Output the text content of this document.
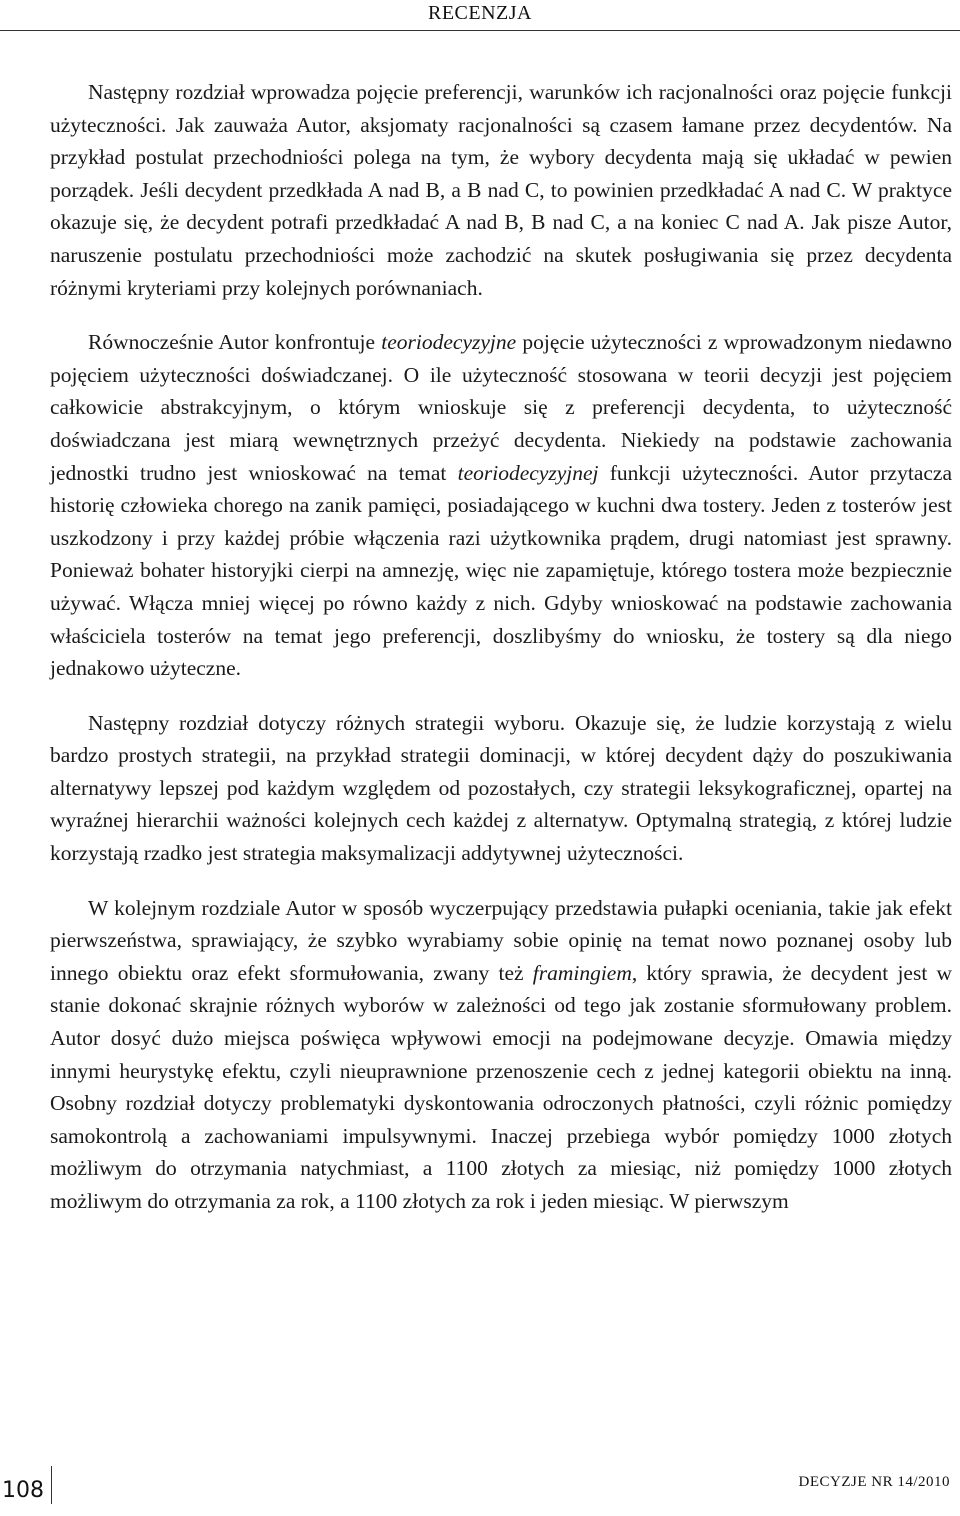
RECENZJA

Następny rozdział wprowadza pojęcie preferencji, warunków ich racjonalności oraz pojęcie funkcji użyteczności. Jak zauważa Autor, aksjomaty racjonalności są czasem łamane przez decydentów. Na przykład postulat przechodniości polega na tym, że wybory decydenta mają się układać w pewien porządek. Jeśli decydent przedkłada A nad B, a B nad C, to powinien przedkładać A nad C. W praktyce okazuje się, że decydent potrafi przedkładać A nad B, B nad C, a na koniec C nad A. Jak pisze Autor, naruszenie postulatu przechodniości może zachodzić na skutek posługiwania się przez decydenta różnymi kryteriami przy kolejnych porównaniach.

Równocześnie Autor konfrontuje teoriodecyzyjne pojęcie użyteczności z wprowadzonym niedawno pojęciem użyteczności doświadczanej. O ile użyteczność stosowana w teorii decyzji jest pojęciem całkowicie abstrakcyjnym, o którym wnioskuje się z preferencji decydenta, to użyteczność doświadczana jest miarą wewnętrznych przeżyć decydenta. Niekiedy na podstawie zachowania jednostki trudno jest wnioskować na temat teoriodecyzyjnej funkcji użyteczności. Autor przytacza historię człowieka chorego na zanik pamięci, posiadającego w kuchni dwa tostery. Jeden z tosterów jest uszkodzony i przy każdej próbie włączenia razi użytkownika prądem, drugi natomiast jest sprawny. Ponieważ bohater historyjki cierpi na amnezję, więc nie zapamiętuje, którego tostera może bezpiecznie używać. Włącza mniej więcej po równo każdy z nich. Gdyby wnioskować na podstawie zachowania właściciela tosterów na temat jego preferencji, doszlibyśmy do wniosku, że tostery są dla niego jednakowo użyteczne.

Następny rozdział dotyczy różnych strategii wyboru. Okazuje się, że ludzie korzystają z wielu bardzo prostych strategii, na przykład strategii dominacji, w której decydent dąży do poszukiwania alternatywy lepszej pod każdym względem od pozostałych, czy strategii leksykograficznej, opartej na wyraźnej hierarchii ważności kolejnych cech każdej z alternatyw. Optymalną strategią, z której ludzie korzystają rzadko jest strategia maksymalizacji addytywnej użyteczności.

W kolejnym rozdziale Autor w sposób wyczerpujący przedstawia pułapki oceniania, takie jak efekt pierwszeństwa, sprawiający, że szybko wyrabiamy sobie opinię na temat nowo poznanej osoby lub innego obiektu oraz efekt sformułowania, zwany też framingiem, który sprawia, że decydent jest w stanie dokonać skrajnie różnych wyborów w zależności od tego jak zostanie sformułowany problem. Autor dosyć dużo miejsca poświęca wpływowi emocji na podejmowane decyzje. Omawia między innymi heurystykę efektu, czyli nieuprawnione przenoszenie cech z jednej kategorii obiektu na inną. Osobny rozdział dotyczy problematyki dyskontowania odroczonych płatności, czyli różnic pomiędzy samokontrolą a zachowaniami impulsywnymi. Inaczej przebiega wybór pomiędzy 1000 złotych możliwym do otrzymania natychmiast, a 1100 złotych za miesiąc, niż pomiędzy 1000 złotych możliwym do otrzymania za rok, a 1100 złotych za rok i jeden miesiąc. W pierwszym

108	DECYZJE NR 14/2010
